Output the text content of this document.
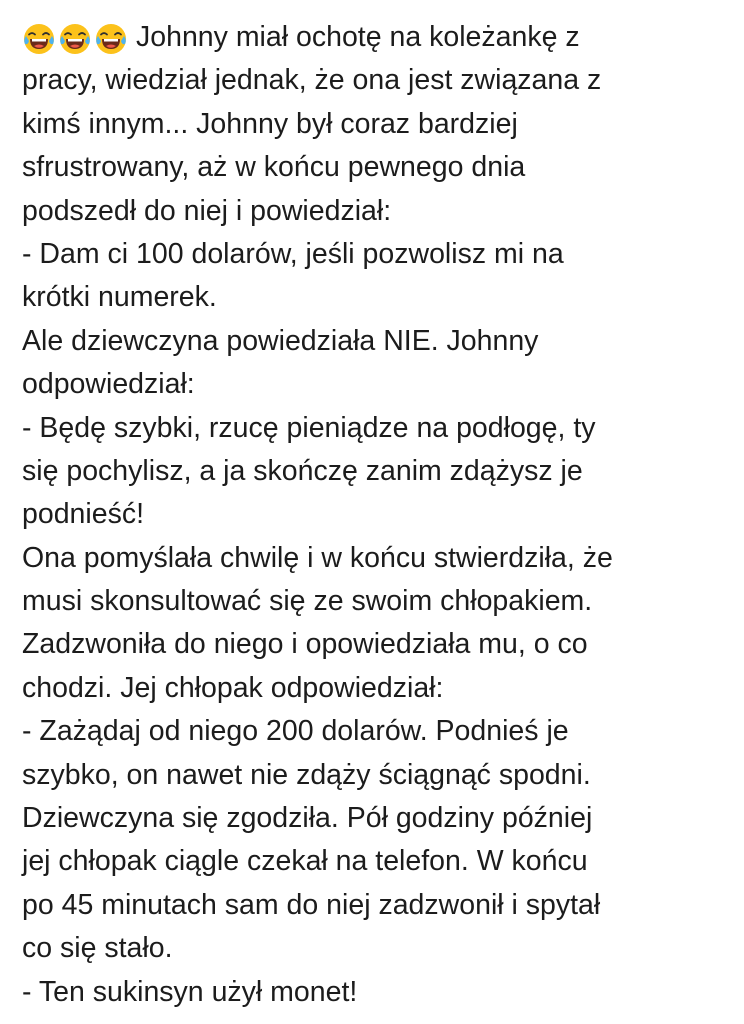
Johnny miał ochotę na koleżankę z
pracy, wiedział jednak, że ona jest związana z
kimś innym... Johnny był coraz bardziej
sfrustrowany, aż w końcu pewnego dnia
podszedł do niej i powiedział:
- Dam ci 100 dolarów, jeśli pozwolisz mi na
krótki numerek.
Ale dziewczyna powiedziała NIE. Johnny
odpowiedział:
- Będę szybki, rzucę pieniądze na podłogę, ty
się pochylisz, a ja skończę zanim zdążysz je
podnieść!
Ona pomyślała chwilę i w końcu stwierdziła, że
musi skonsultować się ze swoim chłopakiem.
Zadzwoniła do niego i opowiedziała mu, o co
chodzi. Jej chłopak odpowiedział:
- Zażądaj od niego 200 dolarów. Podnieś je
szybko, on nawet nie zdąży ściągnąć spodni.
Dziewczyna się zgodziła. Pół godziny później
jej chłopak ciągle czekał na telefon. W końcu
po 45 minutach sam do niej zadzwonił i spytał
co się stało.
- Ten sukinsyn użył monet!
